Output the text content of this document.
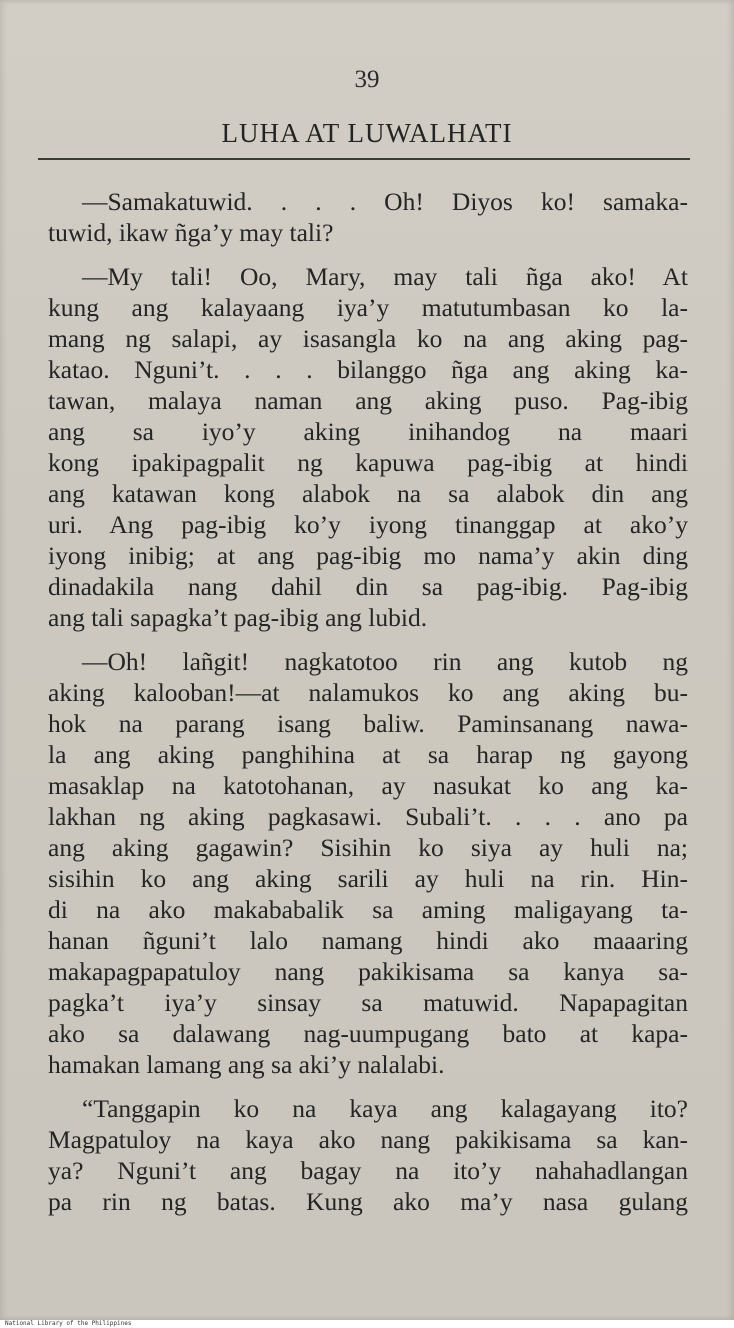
39
LUHA AT LUWALHATI
—Samakatuwid. . . . Oh! Diyos ko! samaka-
tuwid, ikaw ñga’y may tali?
—My tali! Oo, Mary, may tali ñga ako! At
kung ang kalayaang iya’y matutumbasan ko la-
mang ng salapi, ay isasangla ko na ang aking pag-
katao. Nguni’t. . . . bilanggo ñga ang aking ka-
tawan, malaya naman ang aking puso. Pag-ibig
ang sa iyo’y aking inihandog na maari
kong ipakipagpalit ng kapuwa pag-ibig at hindi
ang katawan kong alabok na sa alabok din ang
uri. Ang pag-ibig ko’y iyong tinanggap at ako’y
iyong inibig; at ang pag-ibig mo nama’y akin ding
dinadakila nang dahil din sa pag-ibig. Pag-ibig
ang tali sapagka’t pag-ibig ang lubid.
—Oh! lañgit! nagkatotoo rin ang kutob ng
aking kalooban!—at nalamukos ko ang aking bu-
hok na parang isang baliw. Paminsanang nawa-
la ang aking panghihina at sa harap ng gayong
masaklap na katotohanan, ay nasukat ko ang ka-
lakhan ng aking pagkasawi. Subali’t. . . . ano pa
ang aking gagawin? Sisihin ko siya ay huli na;
sisihin ko ang aking sarili ay huli na rin. Hin-
di na ako makababalik sa aming maligayang ta-
hanan ñguni’t lalo namang hindi ako maaaring
makapagpapatuloy nang pakikisama sa kanya sa-
pagka’t iya’y sinsay sa matuwid. Napapagitan
ako sa dalawang nag-uumpugang bato at kapa-
hamakan lamang ang sa aki’y nalalabi.
“Tanggapin ko na kaya ang kalagayang ito?
Magpatuloy na kaya ako nang pakikisama sa kan-
ya? Nguni’t ang bagay na ito’y nahahadlangan
pa rin ng batas. Kung ako ma’y nasa gulang
National Library of the Philippines
